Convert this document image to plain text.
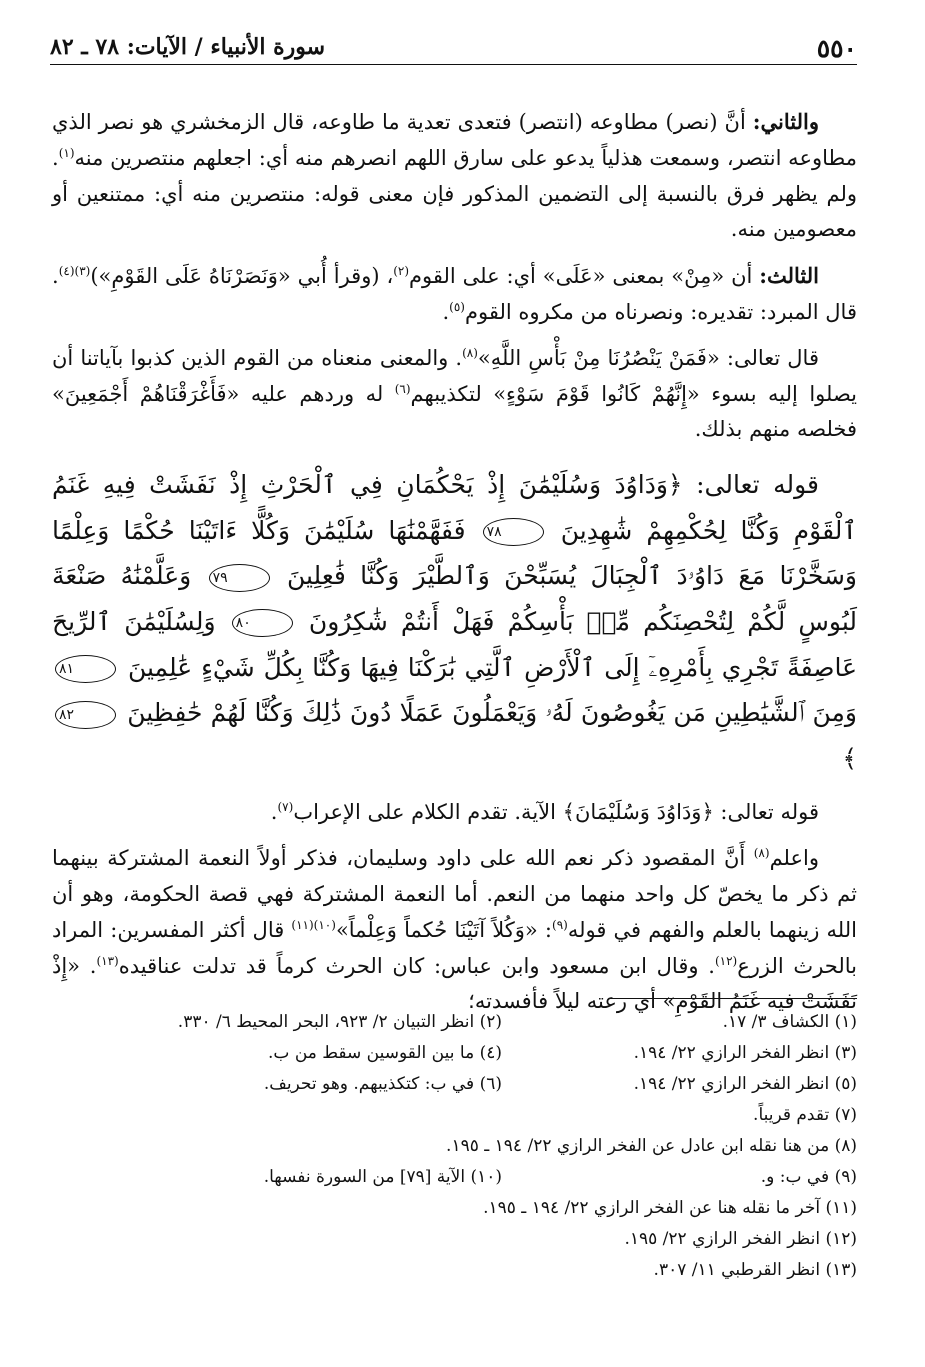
٥٥٠
سورة الأنبياء / الآيات: ٧٨ ـ ٨٢

والثاني: أنَّ (نصر) مطاوعه (انتصر) فتعدى تعدية ما طاوعه، قال الزمخشري هو نصر الذي مطاوعه انتصر، وسمعت هذلياً يدعو على سارق اللهم انصرهم منه أي: اجعلهم منتصرين منه$^{(١)}$. ولم يظهر فرق بالنسبة إلى التضمين المذكور فإن معنى قوله: منتصرين منه أي: ممتنعين أو معصومين منه.

الثالث: أن «مِنْ» بمعنى «عَلَى» أي: على القوم$^{(٢)}$، (وقرأ أُبي «وَنَصَرْنَاهُ عَلَى القَوْمِ»)$^{(٣)(٤)}$. قال المبرد: تقديره: ونصرناه من مكروه القوم$^{(٥)}$.

قال تعالى: «فَمَنْ يَنْصُرُنَا مِنْ بَأْسِ اللَّهِ»$^{(٨)}$. والمعنى منعناه من القوم الذين كذبوا بآياتنا أن يصلوا إليه بسوء «إِنَّهُمْ كَانُوا قَوْمَ سَوْءٍ» لتكذيبهم$^{(٦)}$ له وردهم عليه «فَأَغْرَقْنَاهُمْ أَجْمَعِينَ» فخلصه منهم بذلك.

قوله تعالى: ﴿وَدَاوُدَ وَسُلَيْمَٰنَ إِذْ يَحْكُمَانِ فِي ٱلْحَرْثِ إِذْ نَفَشَتْ فِيهِ غَنَمُ ٱلْقَوْمِ وَكُنَّا لِحُكْمِهِمْ شَٰهِدِينَ ٧٨ فَفَهَّمْنَٰهَا سُلَيْمَٰنَ وَكُلًّا ءَاتَيْنَا حُكْمًا وَعِلْمًا وَسَخَّرْنَا مَعَ دَاوُۥدَ ٱلْجِبَالَ يُسَبِّحْنَ وَٱلطَّيْرَ وَكُنَّا فَٰعِلِينَ ٧٩ وَعَلَّمْنَٰهُ صَنْعَةَ لَبُوسٍ لَّكُمْ لِتُحْصِنَكُم مِّنۢ بَأْسِكُمْ فَهَلْ أَنتُمْ شَٰكِرُونَ ٨٠ وَلِسُلَيْمَٰنَ ٱلرِّيحَ عَاصِفَةً تَجْرِي بِأَمْرِهِۦٓ إِلَى ٱلْأَرْضِ ٱلَّتِي بَٰرَكْنَا فِيهَا وَكُنَّا بِكُلِّ شَيْءٍ عَٰلِمِينَ ٨١ وَمِنَ ٱلشَّيَٰطِينِ مَن يَغُوصُونَ لَهُۥ وَيَعْمَلُونَ عَمَلًا دُونَ ذَٰلِكَ وَكُنَّا لَهُمْ حَٰفِظِينَ ٨٢﴾

قوله تعالى: ﴿وَدَاوُدَ وَسُلَيْمَانَ﴾ الآية. تقدم الكلام على الإعراب$^{(٧)}$.

واعلم$^{(٨)}$ أَنَّ المقصود ذكر نعم الله على داود وسليمان، فذكر أولاً النعمة المشتركة بينهما ثم ذكر ما يخصّ كل واحد منهما من النعم. أما النعمة المشتركة فهي قصة الحكومة، وهو أن الله زينهما بالعلم والفهم في قوله$^{(٩)}$: «وَكُلاً آتَيْنَا حُكماً وَعِلْماً»$^{(١٠)(١١)}$ قال أكثر المفسرين: المراد بالحرث الزرع$^{(١٢)}$. وقال ابن مسعود وابن عباس: كان الحرث كرماً قد تدلت عناقيده$^{(١٣)}$. «إِذْ نَفَشَتْ فيه غَنَمُ القَوْمِ» أي رعته ليلاً فأفسدته؛

(١) الكشاف ٣/ ١٧.
(٢) انظر التبيان ٢/ ٩٢٣، البحر المحيط ٦/ ٣٣٠.
(٣) انظر الفخر الرازي ٢٢/ ١٩٤.
(٤) ما بين القوسين سقط من ب.
(٥) انظر الفخر الرازي ٢٢/ ١٩٤.
(٦) في ب: كتكذيبهم. وهو تحريف.
(٧) تقدم قريباً.
(٨) من هنا نقله ابن عادل عن الفخر الرازي ٢٢/ ١٩٤ ـ ١٩٥.
(٩) في ب: و.
(١٠) الآية [٧٩] من السورة نفسها.
(١١) آخر ما نقله هنا عن الفخر الرازي ٢٢/ ١٩٤ ـ ١٩٥.
(١٢) انظر الفخر الرازي ٢٢/ ١٩٥.
(١٣) انظر القرطبي ١١/ ٣٠٧.
